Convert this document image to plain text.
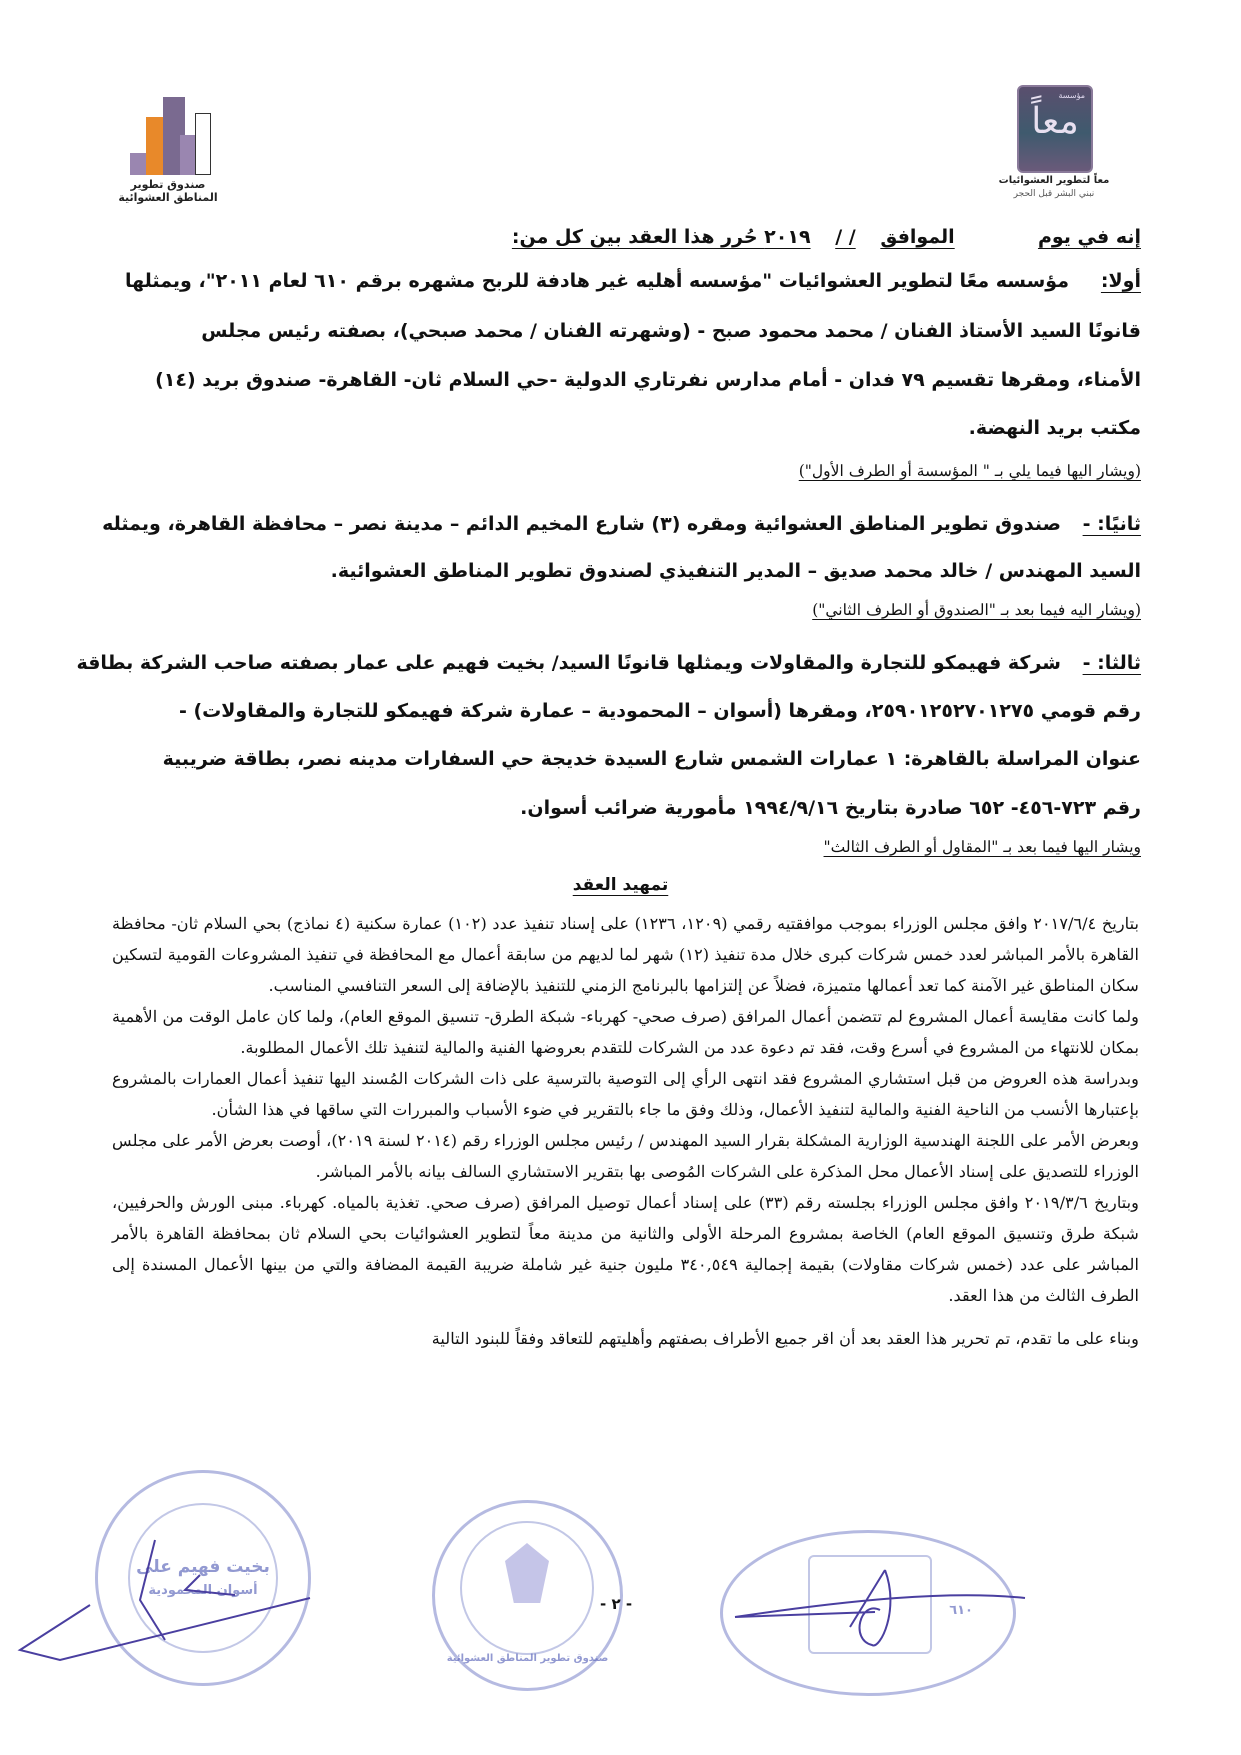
صندوق تطوير
المناطق العشوائية
مؤسسة
معاً
معاً لتطوير العشوائيات
نبني البشر قبل الحجر
إنه في يوم  الموافق / / ٢٠١٩ حُرر هذا العقد بين كل من:
أولا:
مؤسسه معًا لتطوير العشوائيات "مؤسسه أهليه غير هادفة للربح مشهره برقم ٦١٠ لعام ٢٠١١"، ويمثلها
قانونًا السيد الأستاذ الفنان / محمد محمود صبح - (وشهرته الفنان / محمد صبحي)، بصفته رئيس مجلس
الأمناء، ومقرها تقسيم ٧٩ فدان - أمام مدارس نفرتاري الدولية -حي السلام ثان- القاهرة- صندوق بريد (١٤)
مكتب بريد النهضة.
(ويشار اليها فيما يلي بـ " المؤسسة أو الطرف الأول")
ثانيًا: -
صندوق تطوير المناطق العشوائية ومقره (٣) شارع المخيم الدائم – مدينة نصر – محافظة القاهرة، ويمثله
السيد المهندس / خالد محمد صديق – المدير التنفيذي لصندوق تطوير المناطق العشوائية.
(ويشار اليه فيما بعد بـ "الصندوق أو الطرف الثاني")
ثالثا: -
شركة فهيمكو للتجارة والمقاولات ويمثلها قانونًا السيد/ بخيت فهيم على عمار بصفته صاحب الشركة بطاقة
رقم قومي ٢٥٩٠١٢٥٢٧٠١٢٧٥، ومقرها (أسوان – المحمودية – عمارة شركة فهيمكو للتجارة والمقاولات) -
عنوان المراسلة بالقاهرة: ١ عمارات الشمس شارع السيدة خديجة حي السفارات مدينه نصر، بطاقة ضريبية
رقم ٧٢٣-٤٥٦- ٦٥٢ صادرة بتاريخ ١٩٩٤/٩/١٦ مأمورية ضرائب أسوان.
ويشار اليها فيما بعد بـ "المقاول أو الطرف الثالث"
تمهيد العقد

بتاريخ ٢٠١٧/٦/٤ وافق مجلس الوزراء بموجب موافقتيه رقمي (١٢٠٩، ١٢٣٦) على إسناد تنفيذ عدد (١٠٢) عمارة سكنية (٤ نماذج) بحي السلام ثان- محافظة القاهرة بالأمر المباشر لعدد خمس شركات كبرى خلال مدة تنفيذ (١٢) شهر لما لديهم من سابقة أعمال مع المحافظة في تنفيذ المشروعات القومية لتسكين سكان المناطق غير الآمنة كما تعد أعمالها متميزة، فضلاً عن إلتزامها بالبرنامج الزمني للتنفيذ بالإضافة إلى السعر التنافسي المناسب.

ولما كانت مقايسة أعمال المشروع لم تتضمن أعمال المرافق (صرف صحي- كهرباء- شبكة الطرق- تنسيق الموقع العام)، ولما كان عامل الوقت من الأهمية بمكان للانتهاء من المشروع في أسرع وقت، فقد تم دعوة عدد من الشركات للتقدم بعروضها الفنية والمالية لتنفيذ تلك الأعمال المطلوبة.

وبدراسة هذه العروض من قبل استشاري المشروع فقد انتهى الرأي إلى التوصية بالترسية على ذات الشركات المُسند اليها تنفيذ أعمال العمارات بالمشروع بإعتبارها الأنسب من الناحية الفنية والمالية لتنفيذ الأعمال، وذلك وفق ما جاء بالتقرير في ضوء الأسباب والمبررات التي ساقها في هذا الشأن.

وبعرض الأمر على اللجنة الهندسية الوزارية المشكلة بقرار السيد المهندس / رئيس مجلس الوزراء رقم (٢٠١٤ لسنة ٢٠١٩)، أوصت بعرض الأمر على مجلس الوزراء للتصديق على إسناد الأعمال محل المذكرة على الشركات المُوصى بها بتقرير الاستشاري السالف بيانه بالأمر المباشر.

وبتاريخ ٢٠١٩/٣/٦ وافق مجلس الوزراء بجلسته رقم (٣٣) على إسناد أعمال توصيل المرافق (صرف صحي. تغذية بالمياه. كهرباء. مبنى الورش والحرفيين، شبكة طرق وتنسيق الموقع العام) الخاصة بمشروع المرحلة الأولى والثانية من مدينة معاً لتطوير العشوائيات بحي السلام ثان بمحافظة القاهرة بالأمر المباشر على عدد (خمس شركات مقاولات) بقيمة إجمالية ٣٤٠,٥٤٩ مليون جنية غير شاملة ضريبة القيمة المضافة والتي من بينها الأعمال المسندة إلى الطرف الثالث من هذا العقد.

وبناء على ما تقدم، تم تحرير هذا العقد بعد أن اقر جميع الأطراف بصفتهم وأهليتهم للتعاقد وفقاً للبنود التالية

بخيت فهيم على
أسوان المحمودية
صندوق تطوير المناطق العشوائية
٦١٠
- ٢ -
